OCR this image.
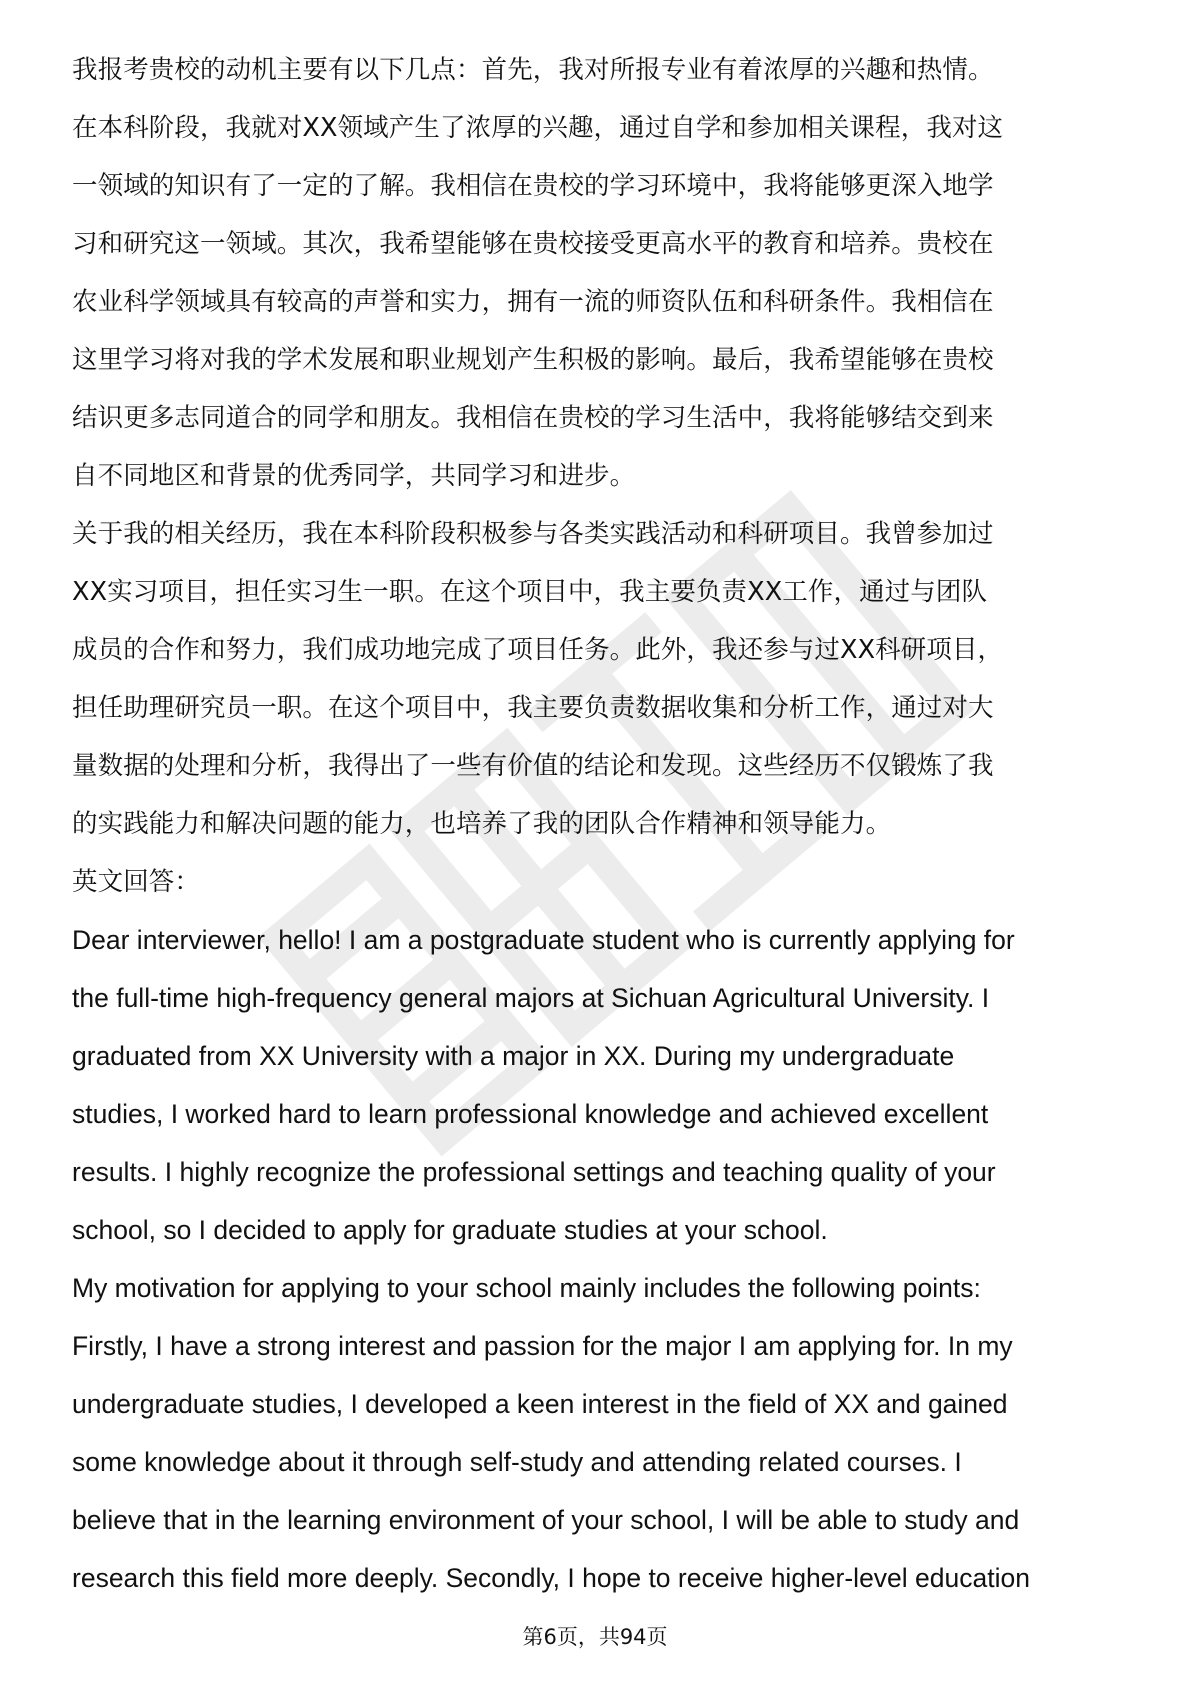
我报考贵校的动机主要有以下几点：首先，我对所报专业有着浓厚的兴趣和热情。
在本科阶段，我就对XX领域产生了浓厚的兴趣，通过自学和参加相关课程，我对这
一领域的知识有了一定的了解。我相信在贵校的学习环境中，我将能够更深入地学
习和研究这一领域。其次，我希望能够在贵校接受更高水平的教育和培养。贵校在
农业科学领域具有较高的声誉和实力，拥有一流的师资队伍和科研条件。我相信在
这里学习将对我的学术发展和职业规划产生积极的影响。最后，我希望能够在贵校
结识更多志同道合的同学和朋友。我相信在贵校的学习生活中，我将能够结交到来
自不同地区和背景的优秀同学，共同学习和进步。
关于我的相关经历，我在本科阶段积极参与各类实践活动和科研项目。我曾参加过
XX实习项目，担任实习生一职。在这个项目中，我主要负责XX工作，通过与团队
成员的合作和努力，我们成功地完成了项目任务。此外，我还参与过XX科研项目，
担任助理研究员一职。在这个项目中，我主要负责数据收集和分析工作，通过对大
量数据的处理和分析，我得出了一些有价值的结论和发现。这些经历不仅锻炼了我
的实践能力和解决问题的能力，也培养了我的团队合作精神和领导能力。
英文回答：
Dear interviewer, hello! I am a postgraduate student who is currently applying for
the full-time high-frequency general majors at Sichuan Agricultural University. I
graduated from XX University with a major in XX. During my undergraduate
studies, I worked hard to learn professional knowledge and achieved excellent
results. I highly recognize the professional settings and teaching quality of your
school, so I decided to apply for graduate studies at your school.
My motivation for applying to your school mainly includes the following points:
Firstly, I have a strong interest and passion for the major I am applying for. In my
undergraduate studies, I developed a keen interest in the field of XX and gained
some knowledge about it through self-study and attending related courses. I
believe that in the learning environment of your school, I will be able to study and
research this field more deeply. Secondly, I hope to receive higher-level education
第6页，共94页
